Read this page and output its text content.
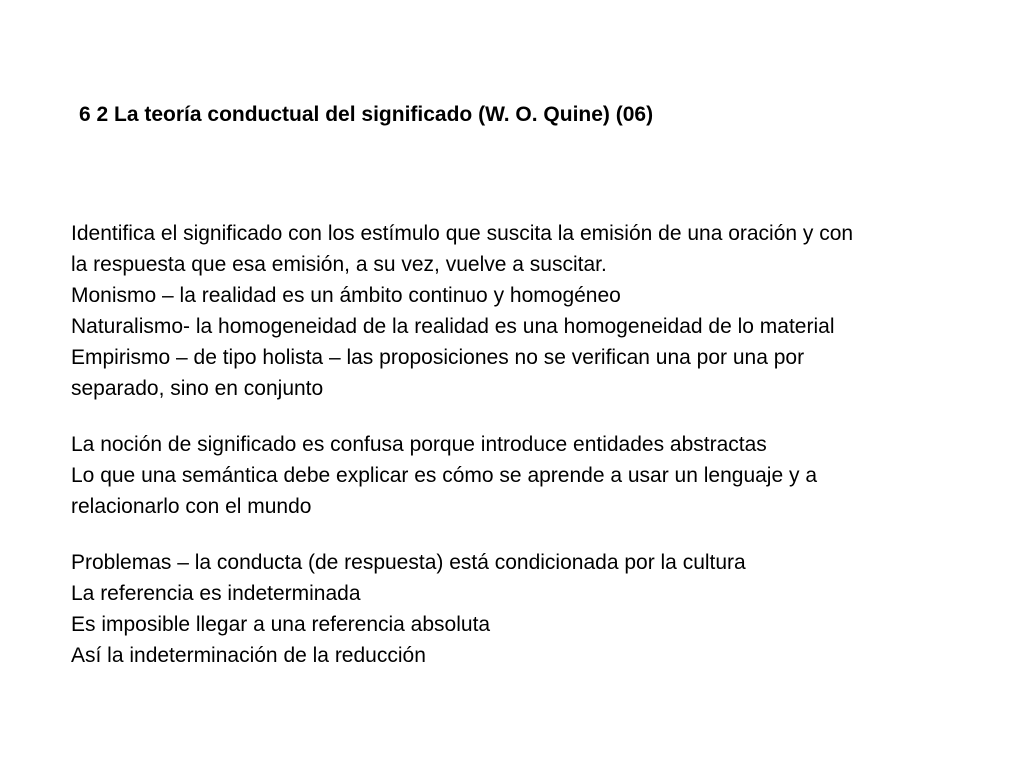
6 2 La teoría conductual del significado (W. O. Quine) (06)
Identifica el significado con los estímulo que suscita la emisión de una oración y con
la respuesta que esa emisión, a su vez, vuelve a suscitar.
Monismo – la realidad es un ámbito continuo y homogéneo
Naturalismo- la homogeneidad de la realidad es una homogeneidad de lo material
Empirismo – de tipo holista – las proposiciones no se verifican una por una por
separado, sino en conjunto
La noción de significado es confusa porque introduce entidades abstractas
Lo que una semántica debe explicar es cómo se aprende a usar un lenguaje y a
relacionarlo con el mundo
Problemas – la conducta (de respuesta) está condicionada por la cultura
La referencia es indeterminada
Es imposible llegar a una referencia absoluta
Así la indeterminación de la reducción
